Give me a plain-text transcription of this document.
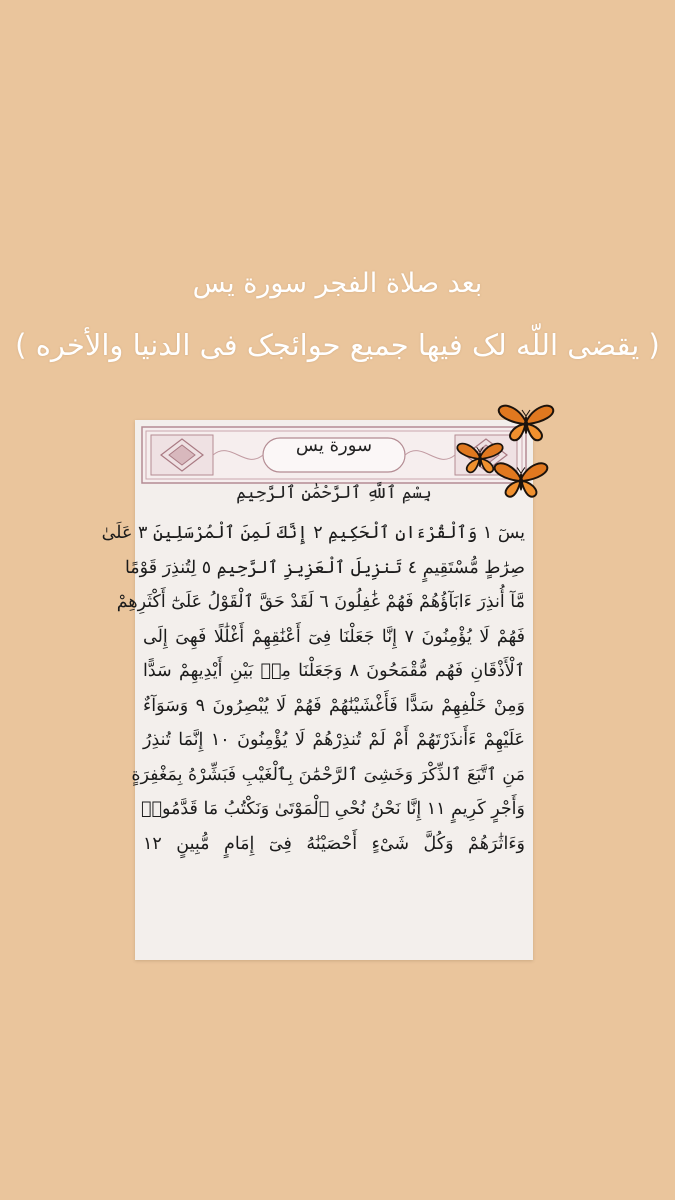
بعد صلاة الفجر سورة يس
( يقضى اللّه لک فيها جميع حوائجک فی الدنيا والأخره )
سورة يس
بِسْمِ ٱللَّهِ ٱلرَّحْمَٰنِ ٱلرَّحِيمِ
يسٓ ١ وَٱلْقُرْءَانِ ٱلْحَكِيمِ ٢ إِنَّكَ لَمِنَ ٱلْمُرْسَلِينَ ٣ عَلَىٰ
صِرَٰطٍ مُّسْتَقِيمٍ ٤ تَنزِيلَ ٱلْعَزِيزِ ٱلرَّحِيمِ ٥ لِتُنذِرَ قَوْمًا
مَّآ أُنذِرَ ءَابَآؤُهُمْ فَهُمْ غَٰفِلُونَ ٦ لَقَدْ حَقَّ ٱلْقَوْلُ عَلَىٰٓ أَكْثَرِهِمْ
فَهُمْ لَا يُؤْمِنُونَ ٧ إِنَّا جَعَلْنَا فِىٓ أَعْنَٰقِهِمْ أَغْلَٰلًا فَهِىَ إِلَى
ٱلْأَذْقَانِ فَهُم مُّقْمَحُونَ ٨ وَجَعَلْنَا مِنۢ بَيْنِ أَيْدِيهِمْ سَدًّا
وَمِنْ خَلْفِهِمْ سَدًّا فَأَغْشَيْنَٰهُمْ فَهُمْ لَا يُبْصِرُونَ ٩ وَسَوَآءٌ
عَلَيْهِمْ ءَأَنذَرْتَهُمْ أَمْ لَمْ تُنذِرْهُمْ لَا يُؤْمِنُونَ ١٠ إِنَّمَا تُنذِرُ
مَنِ ٱتَّبَعَ ٱلذِّكْرَ وَخَشِىَ ٱلرَّحْمَٰنَ بِٱلْغَيْبِ فَبَشِّرْهُ بِمَغْفِرَةٍ
وَأَجْرٍ كَرِيمٍ ١١ إِنَّا نَحْنُ نُحْىِ ٱلْمَوْتَىٰ وَنَكْتُبُ مَا قَدَّمُوا۟
وَءَاثَٰرَهُمْ وَكُلَّ شَىْءٍ أَحْصَيْنَٰهُ فِىٓ إِمَامٍ مُّبِينٍ ١٢
